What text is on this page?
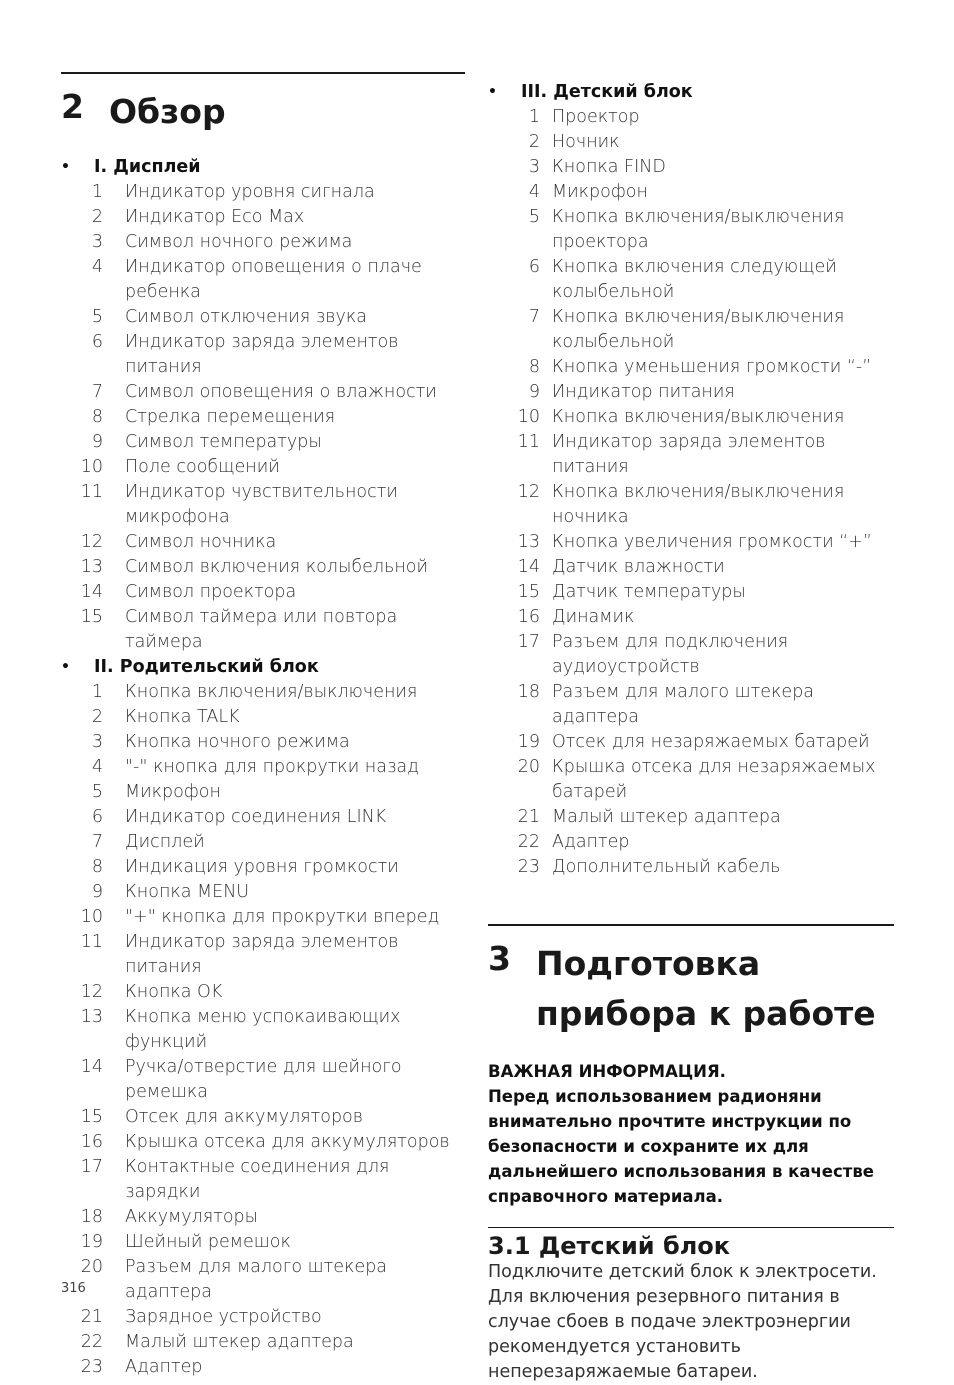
2 Обзор
• I. Дисплей
1	Индикатор уровня сигнала
2	Индикатор Eco Max
3	Символ ночного режима
4	Индикатор оповещения о плаче ребенка
5	Символ отключения звука
6	Индикатор заряда элементов питания
7	Символ оповещения о влажности
8	Стрелка перемещения
9	Символ температуры
10	Поле сообщений
11	Индикатор чувствительности микрофона
12	Символ ночника
13	Символ включения колыбельной
14	Символ проектора
15	Символ таймера или повтора таймера
• II. Родительский блок
1	Кнопка включения/выключения
2	Кнопка TALK
3	Кнопка ночного режима
4	"-" кнопка для прокрутки назад
5	Микрофон
6	Индикатор соединения LINK
7	Дисплей
8	Индикация уровня громкости
9	Кнопка MENU
10	"+" кнопка для прокрутки вперед
11	Индикатор заряда элементов питания
12	Кнопка OK
13	Кнопка меню успокаивающих функций
14	Ручка/отверстие для шейного ремешка
15	Отсек для аккумуляторов
16	Крышка отсека для аккумуляторов
17	Контактные соединения для зарядки
18	Аккумуляторы
19	Шейный ремешок
20	Разъем для малого штекера адаптера
21	Зарядное устройство
22	Малый штекер адаптера
23	Адаптер
• III. Детский блок
1 Проектор
2 Ночник
3 Кнопка FIND
4 Микрофон
5 Кнопка включения/выключения проектора
6 Кнопка включения следующей колыбельной
7 Кнопка включения/выключения колыбельной
8 Кнопка уменьшения громкости “-”
9 Индикатор питания
10 Кнопка включения/выключения
11 Индикатор заряда элементов питания
12 Кнопка включения/выключения ночника
13 Кнопка увеличения громкости “+”
14 Датчик влажности
15 Датчик температуры
16 Динамик
17 Разъем для подключения аудиоустройств
18 Разъем для малого штекера адаптера
19 Отсек для незаряжаемых батарей
20 Крышка отсека для незаряжаемых батарей
21 Малый штекер адаптера
22 Адаптер
23 Дополнительный кабель
3 Подготовка
прибора к работе
ВАЖНАЯ ИНФОРМАЦИЯ.
Перед использованием радионяни внимательно прочтите инструкции по безопасности и сохраните их для дальнейшего использования в качестве справочного материала.
3.1 Детский блок
Подключите детский блок к электросети. Для включения резервного питания в случае сбоев в подаче электроэнергии рекомендуется установить неперезаряжаемые батареи.
316
